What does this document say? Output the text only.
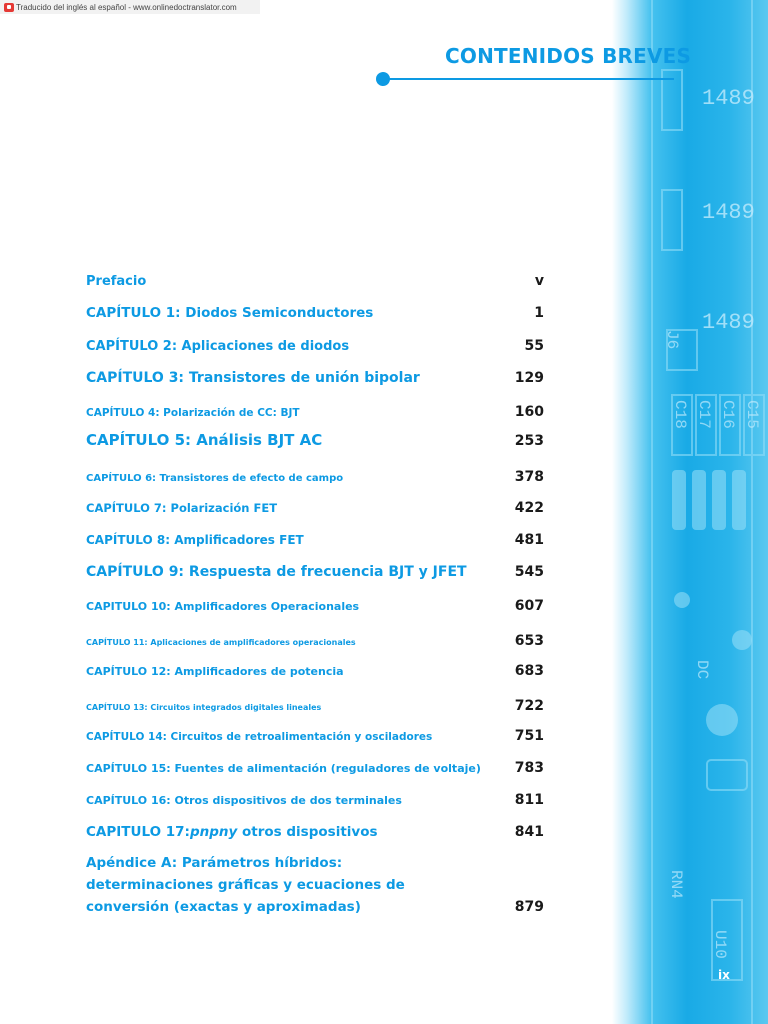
Traducido del inglés al español - www.onlinedoctranslator.com
1489
1489
1489
J6
C18 C17 C16 C15
DC
RN4
U10
CONTENIDOS BREVES
Prefacio	v
CAPÍTULO 1: Diodos Semiconductores	1
CAPÍTULO 2: Aplicaciones de diodos	55
CAPÍTULO 3: Transistores de unión bipolar	129
CAPÍTULO 4: Polarización de CC: BJT	160
CAPÍTULO 5: Análisis BJT AC	253
CAPÍTULO 6: Transistores de efecto de campo	378
CAPÍTULO 7: Polarización FET	422
CAPÍTULO 8: Amplificadores FET	481
CAPÍTULO 9: Respuesta de frecuencia BJT y JFET	545
CAPITULO 10: Amplificadores Operacionales	607
CAPÍTULO 11: Aplicaciones de amplificadores operacionales	653
CAPÍTULO 12: Amplificadores de potencia	683
CAPÍTULO 13: Circuitos integrados digitales lineales	722
CAPÍTULO 14: Circuitos de retroalimentación y osciladores	751
CAPÍTULO 15: Fuentes de alimentación (reguladores de voltaje) 783
CAPÍTULO 16: Otros dispositivos de dos terminales	811
CAPITULO 17:pnpny otros dispositivos	841
Apéndice A: Parámetros híbridos: determinaciones gráficas y ecuaciones de conversión (exactas y aproximadas)	879
ix
